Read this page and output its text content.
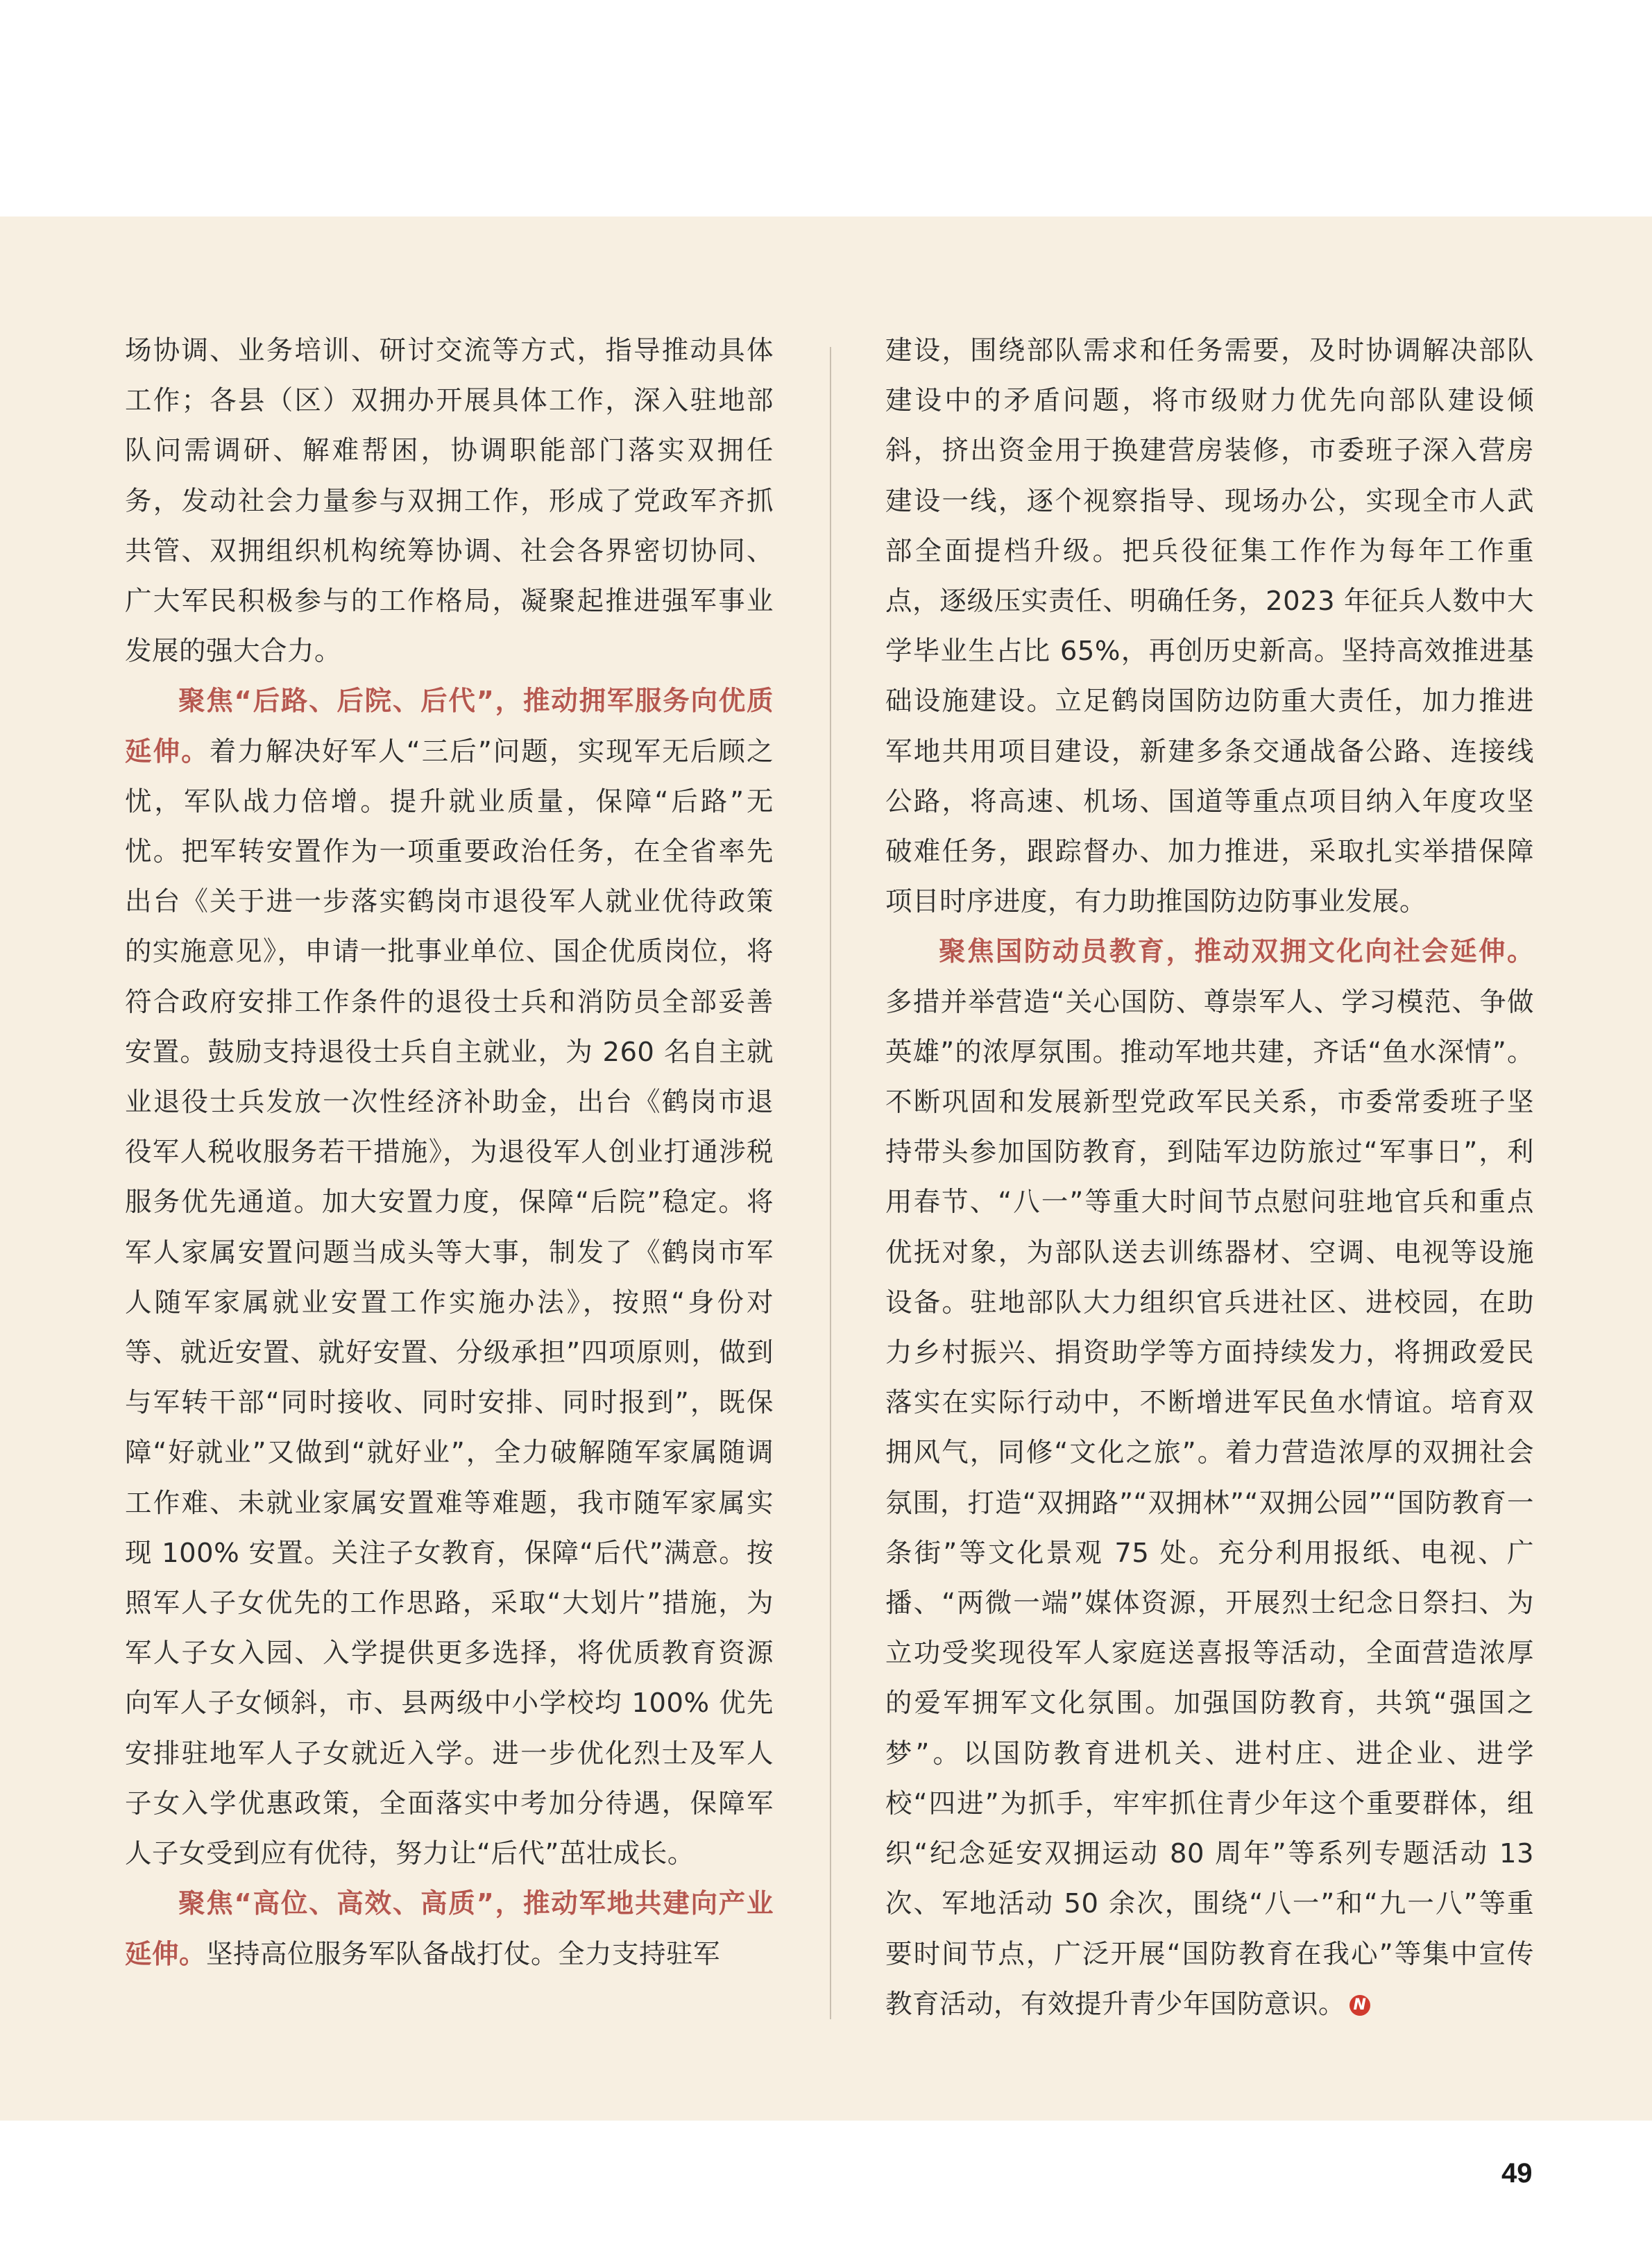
场协调、业务培训、研讨交流等方式，指导推动具体工作；各县（区）双拥办开展具体工作，深入驻地部队问需调研、解难帮困，协调职能部门落实双拥任务，发动社会力量参与双拥工作，形成了党政军齐抓共管、双拥组织机构统筹协调、社会各界密切协同、广大军民积极参与的工作格局，凝聚起推进强军事业发展的强大合力。

聚焦“后路、后院、后代”，推动拥军服务向优质延伸。着力解决好军人“三后”问题，实现军无后顾之忧，军队战力倍增。提升就业质量，保障“后路”无忧。把军转安置作为一项重要政治任务，在全省率先出台《关于进一步落实鹤岗市退役军人就业优待政策的实施意见》，申请一批事业单位、国企优质岗位，将符合政府安排工作条件的退役士兵和消防员全部妥善安置。鼓励支持退役士兵自主就业，为 260 名自主就业退役士兵发放一次性经济补助金，出台《鹤岗市退役军人税收服务若干措施》，为退役军人创业打通涉税服务优先通道。加大安置力度，保障“后院”稳定。将军人家属安置问题当成头等大事，制发了《鹤岗市军人随军家属就业安置工作实施办法》，按照“身份对等、就近安置、就好安置、分级承担”四项原则，做到与军转干部“同时接收、同时安排、同时报到”，既保障“好就业”又做到“就好业”，全力破解随军家属随调工作难、未就业家属安置难等难题，我市随军家属实现 100% 安置。关注子女教育，保障“后代”满意。按照军人子女优先的工作思路，采取“大划片”措施，为军人子女入园、入学提供更多选择，将优质教育资源向军人子女倾斜，市、县两级中小学校均 100% 优先安排驻地军人子女就近入学。进一步优化烈士及军人子女入学优惠政策，全面落实中考加分待遇，保障军人子女受到应有优待，努力让“后代”茁壮成长。

聚焦“高位、高效、高质”，推动军地共建向产业延伸。坚持高位服务军队备战打仗。全力支持驻军

建设，围绕部队需求和任务需要，及时协调解决部队建设中的矛盾问题，将市级财力优先向部队建设倾斜，挤出资金用于换建营房装修，市委班子深入营房建设一线，逐个视察指导、现场办公，实现全市人武部全面提档升级。把兵役征集工作作为每年工作重点，逐级压实责任、明确任务，2023 年征兵人数中大学毕业生占比 65%，再创历史新高。坚持高效推进基础设施建设。立足鹤岗国防边防重大责任，加力推进军地共用项目建设，新建多条交通战备公路、连接线公路，将高速、机场、国道等重点项目纳入年度攻坚破难任务，跟踪督办、加力推进，采取扎实举措保障项目时序进度，有力助推国防边防事业发展。

聚焦国防动员教育，推动双拥文化向社会延伸。多措并举营造“关心国防、尊崇军人、学习模范、争做英雄”的浓厚氛围。推动军地共建，齐话“鱼水深情”。不断巩固和发展新型党政军民关系，市委常委班子坚持带头参加国防教育，到陆军边防旅过“军事日”，利用春节、“八一”等重大时间节点慰问驻地官兵和重点优抚对象，为部队送去训练器材、空调、电视等设施设备。驻地部队大力组织官兵进社区、进校园，在助力乡村振兴、捐资助学等方面持续发力，将拥政爱民落实在实际行动中，不断增进军民鱼水情谊。培育双拥风气，同修“文化之旅”。着力营造浓厚的双拥社会氛围，打造“双拥路”“双拥林”“双拥公园”“国防教育一条街”等文化景观 75 处。充分利用报纸、电视、广播、“两微一端”媒体资源，开展烈士纪念日祭扫、为立功受奖现役军人家庭送喜报等活动，全面营造浓厚的爱军拥军文化氛围。加强国防教育，共筑“强国之梦”。以国防教育进机关、进村庄、进企业、进学校“四进”为抓手，牢牢抓住青少年这个重要群体，组织“纪念延安双拥运动 80 周年”等系列专题活动 13 次、军地活动 50 余次，围绕“八一”和“九一八”等重要时间节点，广泛开展“国防教育在我心”等集中宣传教育活动，有效提升青少年国防意识。 N

49
